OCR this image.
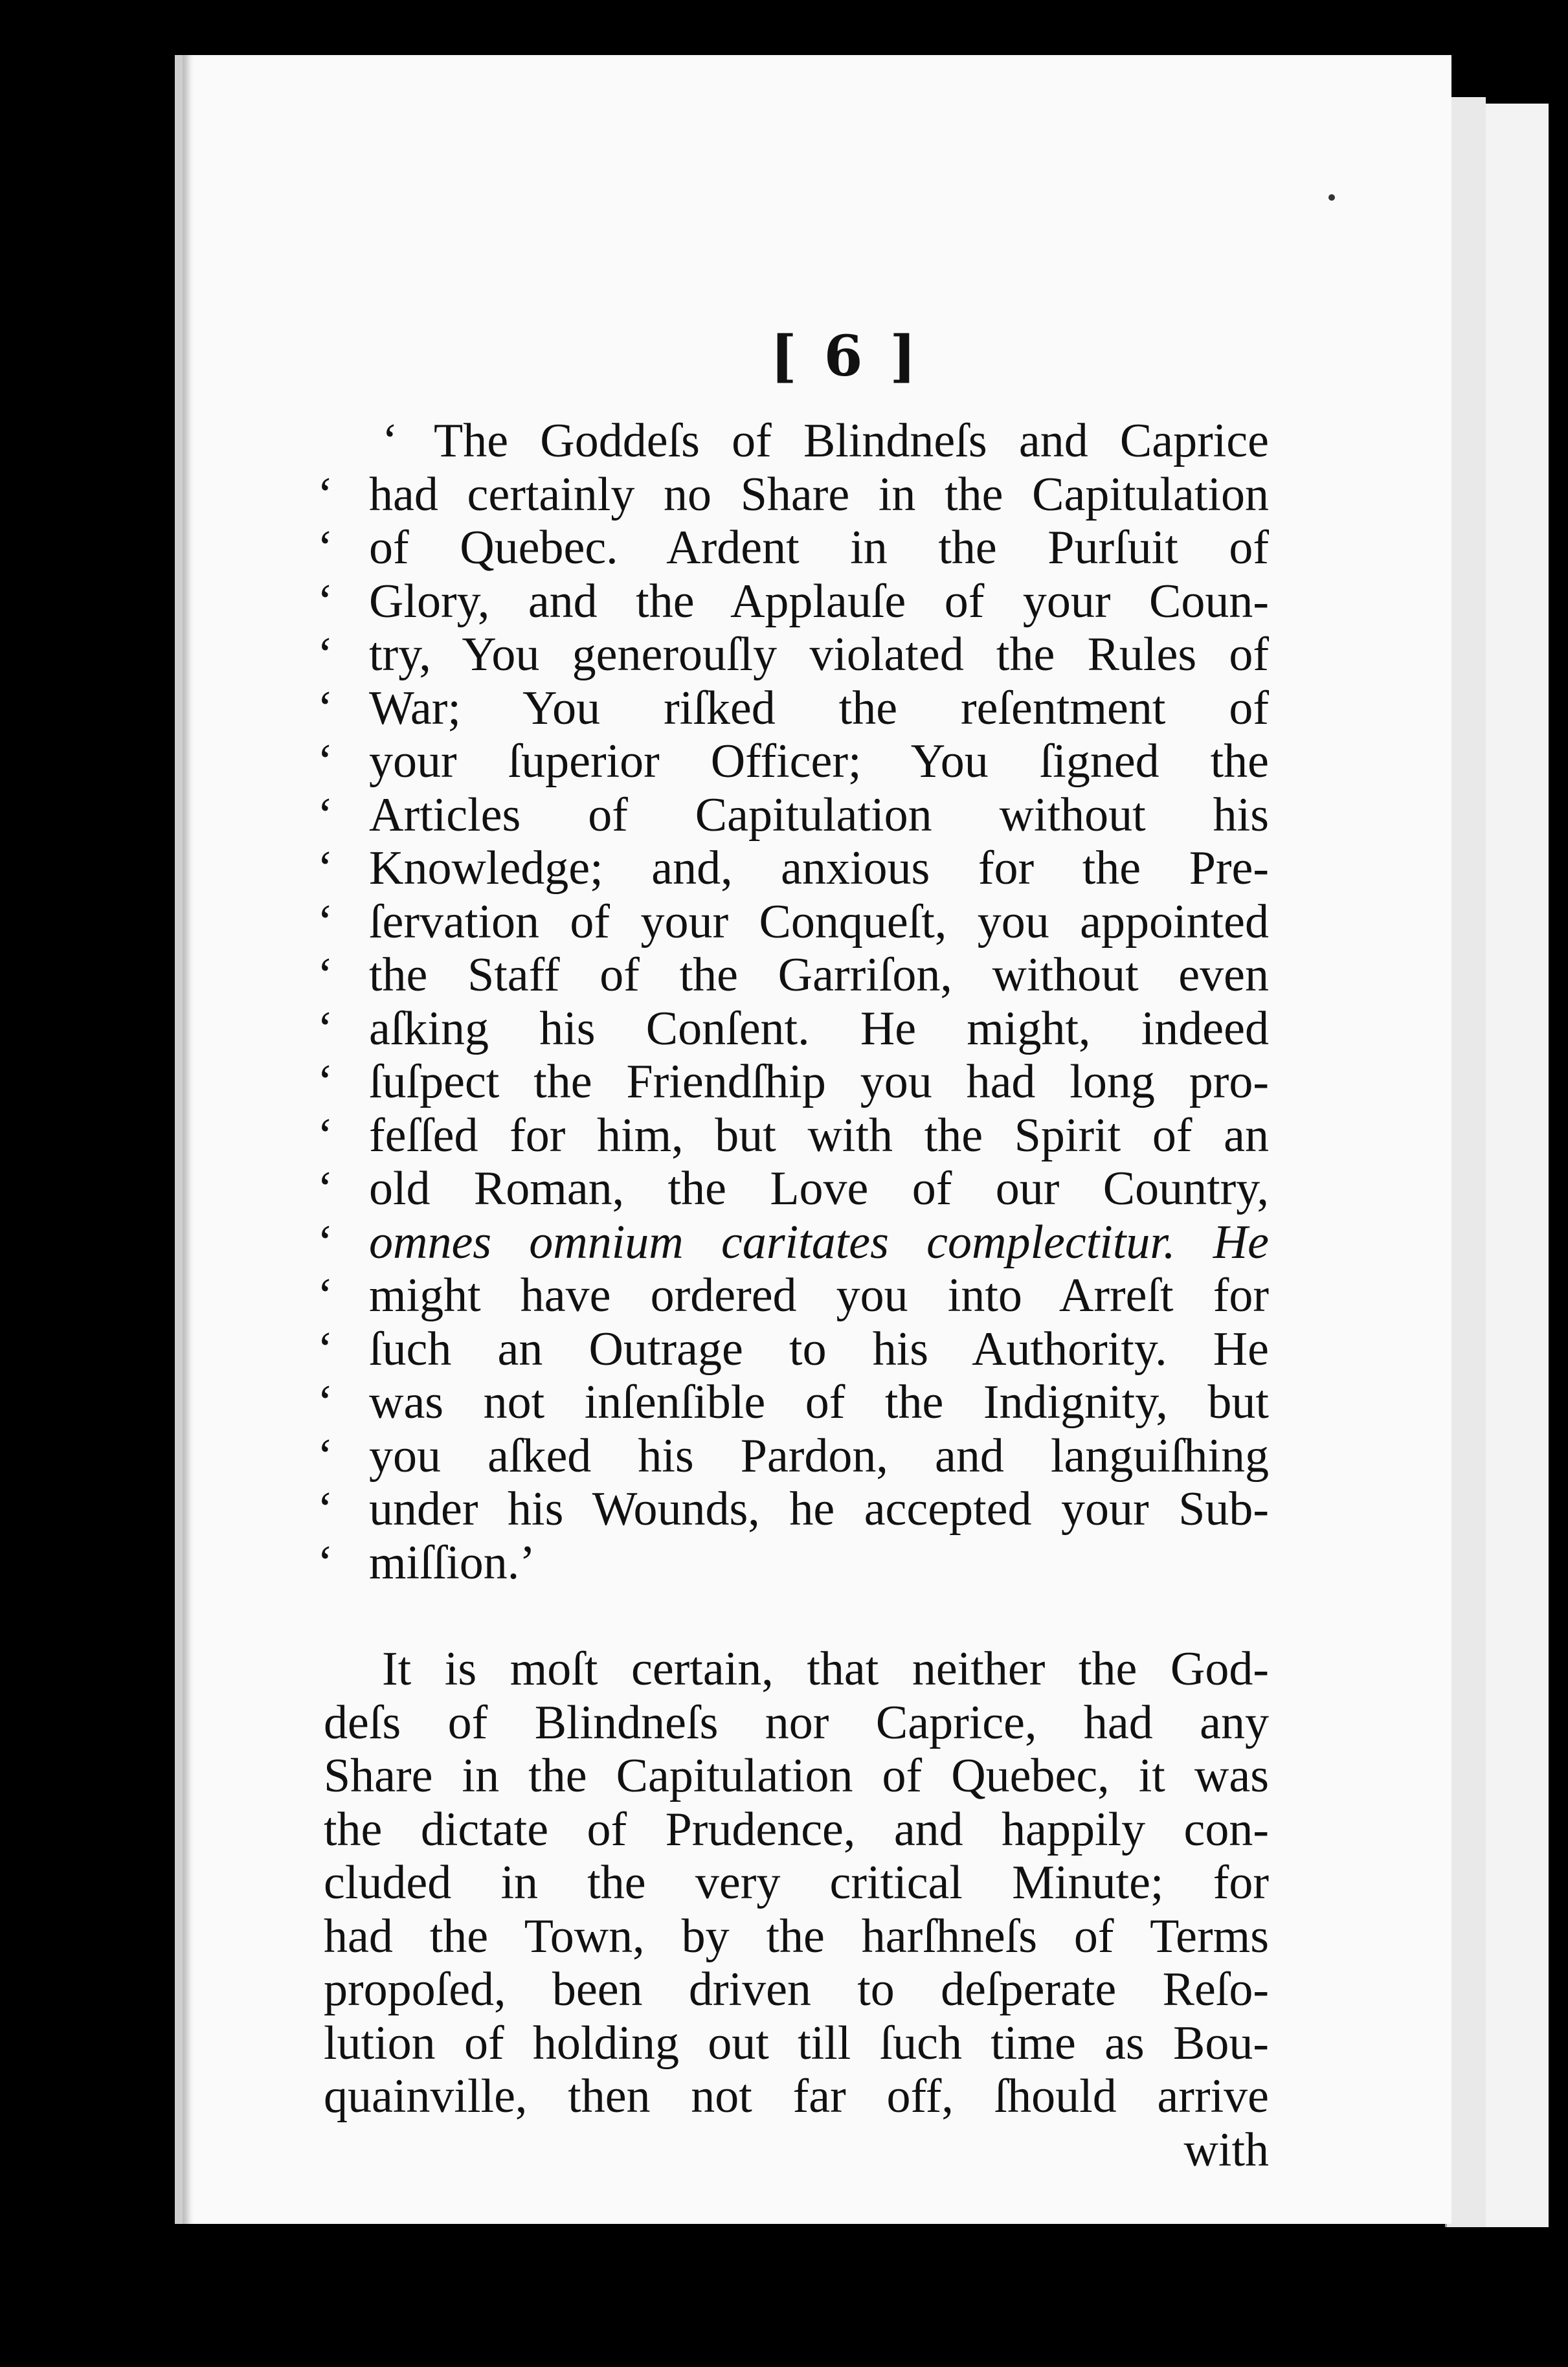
[ 6 ]
‘ The Goddeſs of Blindneſs and Caprice
‘ had certainly no Share in the Capitulation
‘ of Quebec. Ardent in the Purſuit of
‘ Glory, and the Applauſe of your Coun-
‘ try, You generouſly violated the Rules of
‘ War; You riſked the reſentment of
‘ your ſuperior Officer; You ſigned the
‘ Articles of Capitulation without his
‘ Knowledge; and, anxious for the Pre-
‘ ſervation of your Conqueſt, you appointed
‘ the Staff of the Garriſon, without even
‘ aſking his Conſent. He might, indeed
‘ ſuſpect the Friendſhip you had long pro-
‘ feſſed for him, but with the Spirit of an
‘ old Roman, the Love of our Country,
‘ omnes omnium caritates complectitur. He
‘ might have ordered you into Arreſt for
‘ ſuch an Outrage to his Authority. He
‘ was not inſenſible of the Indignity, but
‘ you aſked his Pardon, and languiſhing
‘ under his Wounds, he accepted your Sub-
‘ miſſion.’
It is moſt certain, that neither the God-
deſs of Blindneſs nor Caprice, had any
Share in the Capitulation of Quebec, it was
the dictate of Prudence, and happily con-
cluded in the very critical Minute; for
had the Town, by the harſhneſs of Terms
propoſed, been driven to deſperate Reſo-
lution of holding out till ſuch time as Bou-
quainville, then not far off, ſhould arrive
with
